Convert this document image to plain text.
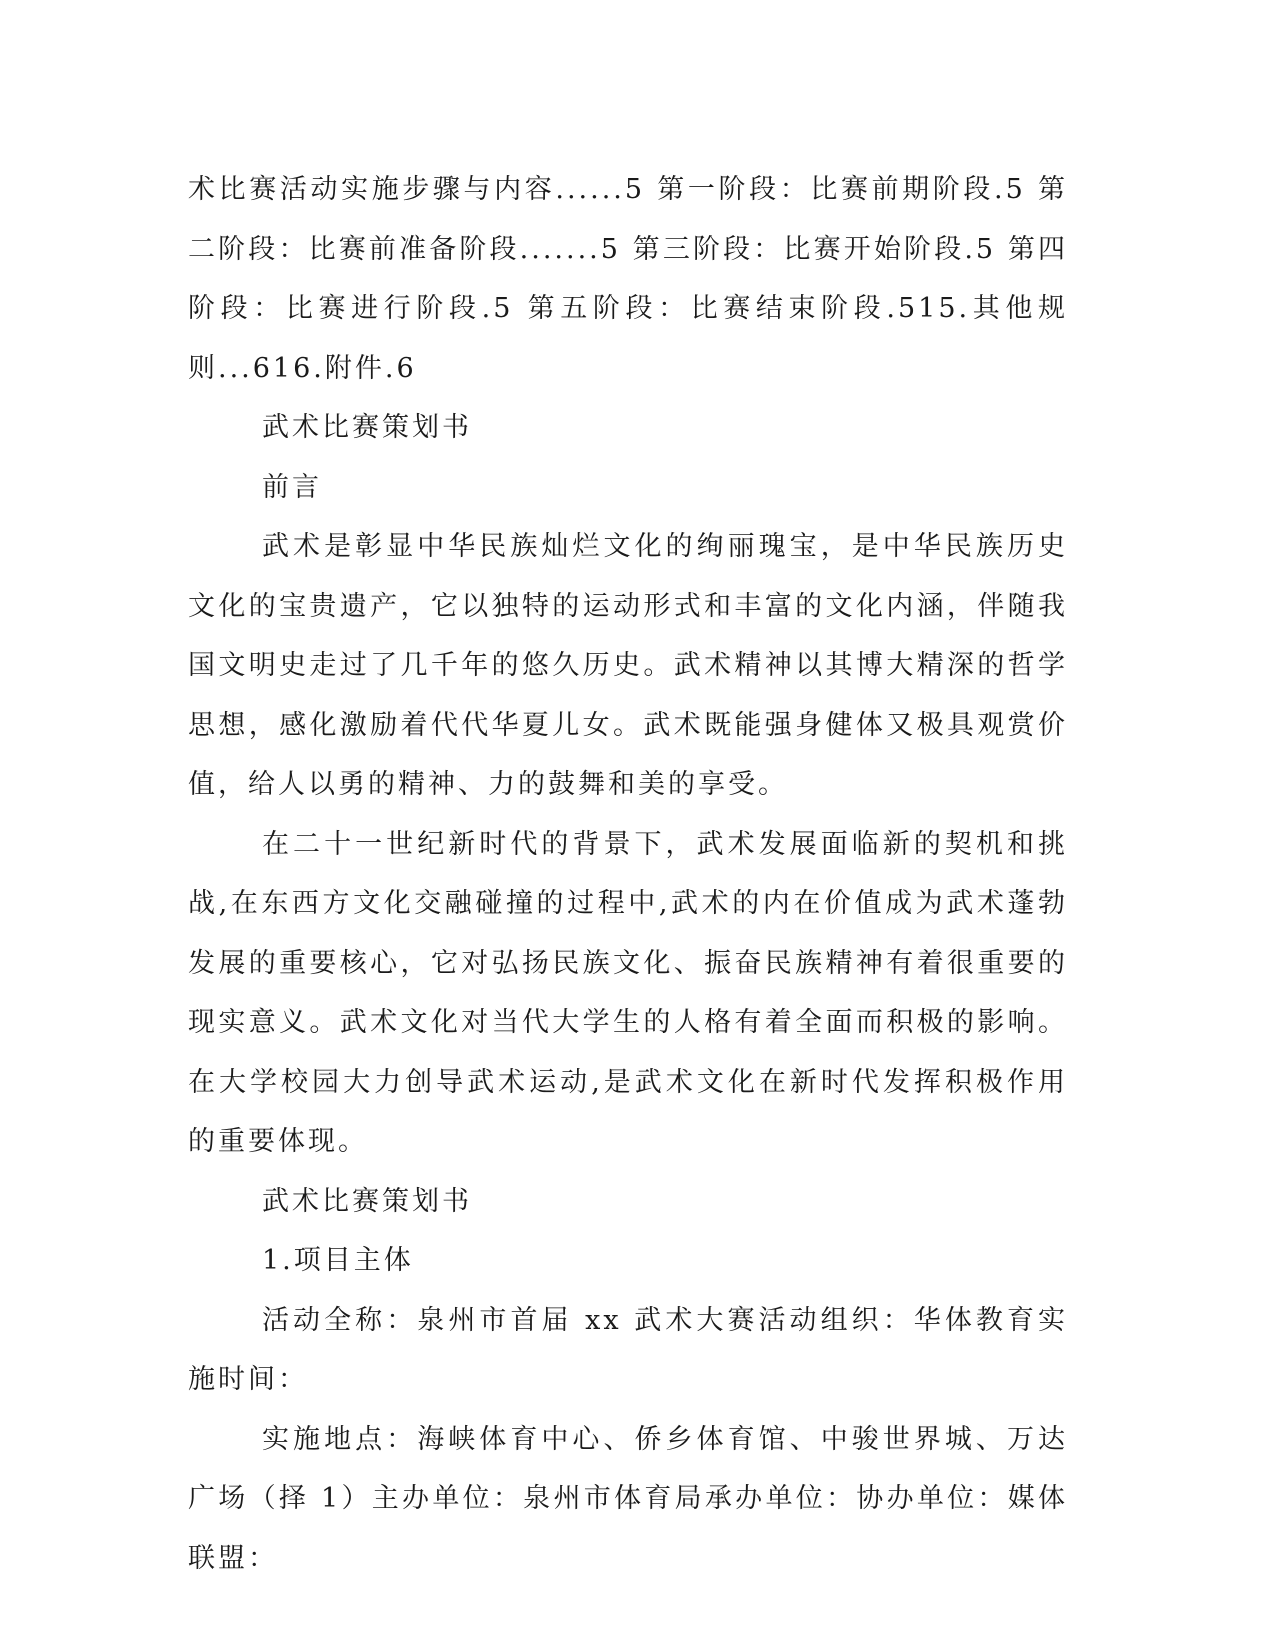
术比赛活动实施步骤与内容......5 第一阶段：比赛前期阶段.5 第二阶段：比赛前准备阶段.......5 第三阶段：比赛开始阶段.5 第四阶段：比赛进行阶段.5 第五阶段：比赛结束阶段.515.其他规则...616.附件.6

武术比赛策划书

前言

武术是彰显中华民族灿烂文化的绚丽瑰宝，是中华民族历史文化的宝贵遗产，它以独特的运动形式和丰富的文化内涵，伴随我国文明史走过了几千年的悠久历史。武术精神以其博大精深的哲学思想，感化激励着代代华夏儿女。武术既能强身健体又极具观赏价值，给人以勇的精神、力的鼓舞和美的享受。

在二十一世纪新时代的背景下，武术发展面临新的契机和挑战,在东西方文化交融碰撞的过程中,武术的内在价值成为武术蓬勃发展的重要核心，它对弘扬民族文化、振奋民族精神有着很重要的现实意义。武术文化对当代大学生的人格有着全面而积极的影响。在大学校园大力创导武术运动,是武术文化在新时代发挥积极作用的重要体现。

武术比赛策划书

1.项目主体

活动全称：泉州市首届 xx 武术大赛活动组织：华体教育实施时间：

实施地点：海峡体育中心、侨乡体育馆、中骏世界城、万达广场（择 1）主办单位：泉州市体育局承办单位：协办单位：媒体联盟：
